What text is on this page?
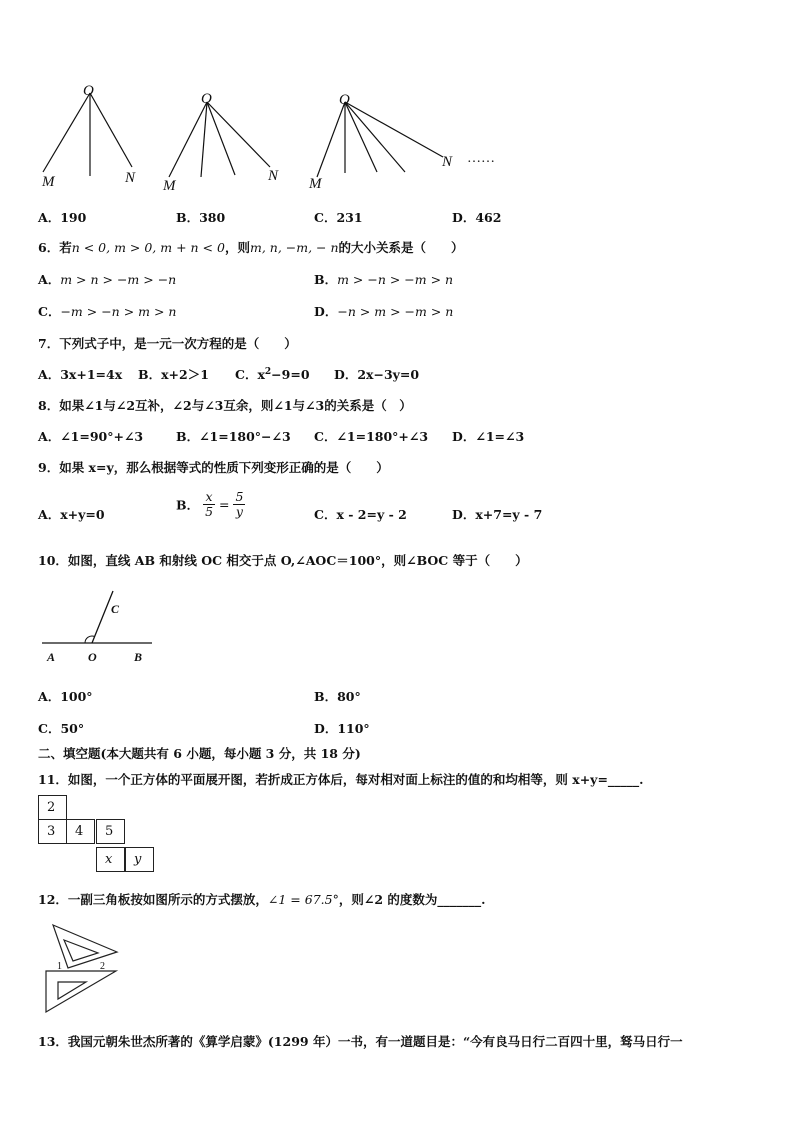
O
M	N
O
M
N
O
M
N ……
A．190	B．380	C．231	D．462
6．若n < 0, m > 0, m + n < 0，则m, n, −m, − n的大小关系是（　　）
A．m > n > −m > −n	B．m > −n > −m > n
C．−m > −n > m > n	D．−n > m > −m > n
7．下列式子中，是一元一次方程的是（　　）
A．3x+1=4x B．x+2＞1 C．$x^2-9=0$ D．2x−3y=0
8．如果∠1与∠2互补，∠2与∠3互余，则∠1与∠3的关系是（　）
A．∠1=90°+∠3	B．∠1=180°−∠3 C．∠1=180°+∠3 D．∠1=∠3
9．如果 x=y，那么根据等式的性质下列变形正确的是（　　）
A．x+y=0
B． $\frac{x}{5} = \frac{5}{y}$	C．x - 2=y - 2	D．x+7=y - 7
10．如图，直线 AB 和射线 OC 相交于点 O,∠AOC＝100°，则∠BOC 等于（　　）
A	O	B
C
A．100°	B．80°
C．50°	D．110°
二、填空题(本大题共有 6 小题，每小题 3 分，共 18 分)
11．如图，一个正方体的平面展开图，若折成正方体后，每对相对面上标注的值的和均相等，则 x+y=_____.
2
3	4	5
x	y
12．一副三角板按如图所示的方式摆放，∠1 = 67.5°，则∠2 的度数为_______.
1	2
13．我国元朝朱世杰所著的《算学启蒙》(1299 年）一书，有一道题目是：“今有良马日行二百四十里，驽马日行一
